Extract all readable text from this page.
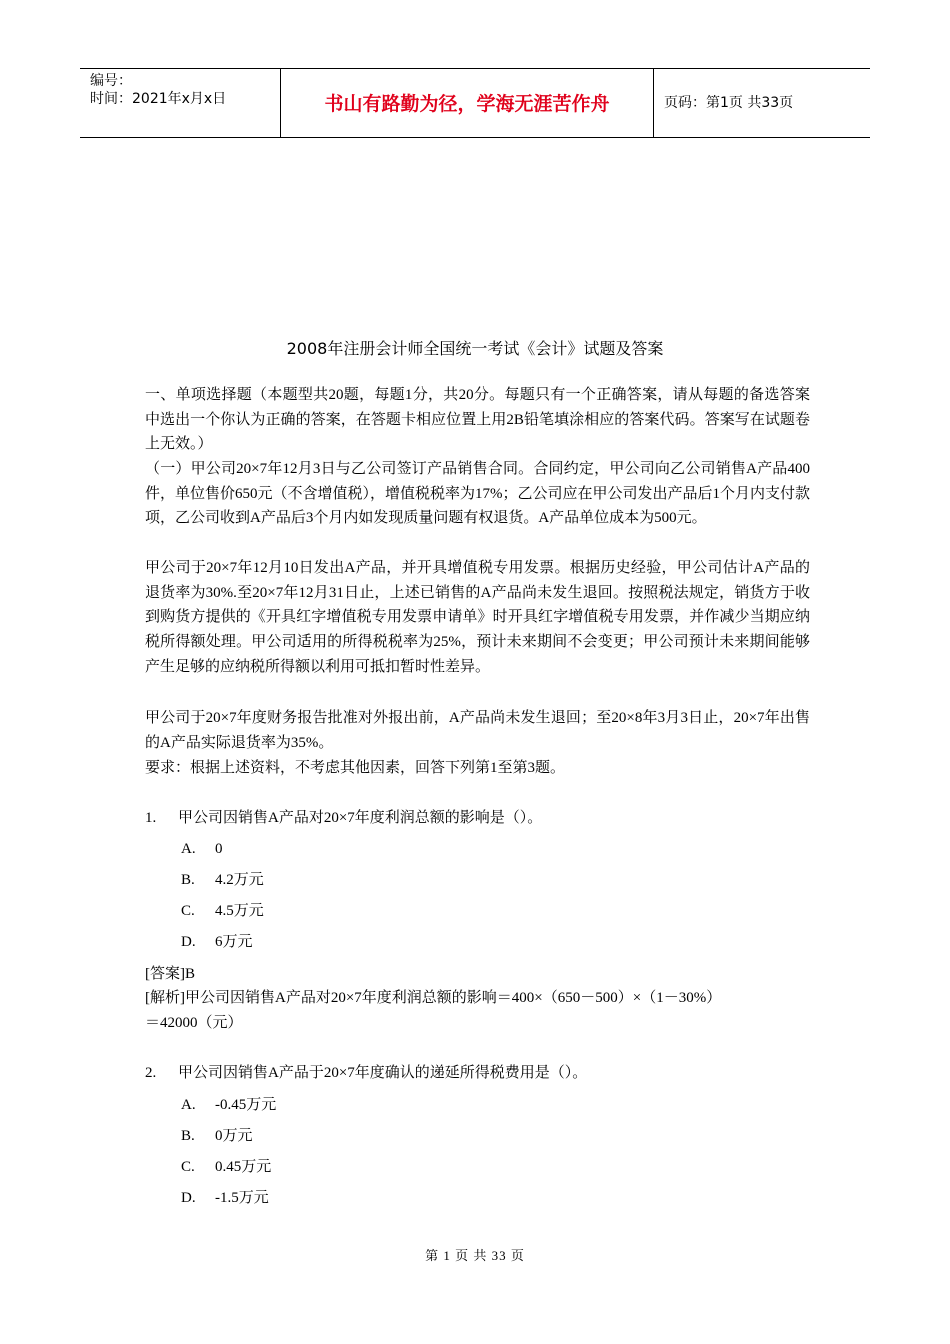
编号：
时间：2021年x月x日	书山有路勤为径，学海无涯苦作舟	页码：第1页 共33页
2008年注册会计师全国统一考试《会计》试题及答案
一、单项选择题（本题型共20题，每题1分，共20分。每题只有一个正确答案，请从每题的备选答案中选出一个你认为正确的答案，在答题卡相应位置上用2B铅笔填涂相应的答案代码。答案写在试题卷上无效。）
（一）甲公司20×7年12月3日与乙公司签订产品销售合同。合同约定，甲公司向乙公司销售A产品400件，单位售价650元（不含增值税），增值税税率为17%；乙公司应在甲公司发出产品后1个月内支付款项，乙公司收到A产品后3个月内如发现质量问题有权退货。A产品单位成本为500元。
甲公司于20×7年12月10日发出A产品，并开具增值税专用发票。根据历史经验，甲公司估计A产品的退货率为30%.至20×7年12月31日止，上述已销售的A产品尚未发生退回。按照税法规定，销货方于收到购货方提供的《开具红字增值税专用发票申请单》时开具红字增值税专用发票，并作减少当期应纳税所得额处理。甲公司适用的所得税税率为25%，预计未来期间不会变更；甲公司预计未来期间能够产生足够的应纳税所得额以利用可抵扣暂时性差异。
甲公司于20×7年度财务报告批准对外报出前，A产品尚未发生退回；至20×8年3月3日止，20×7年出售的A产品实际退货率为35%。
要求：根据上述资料，不考虑其他因素，回答下列第1至第3题。
1. 甲公司因销售A产品对20×7年度利润总额的影响是（）。
A. 0
B. 4.2万元
C. 4.5万元
D. 6万元
[答案]B
[解析]甲公司因销售A产品对20×7年度利润总额的影响＝400×（650－500）×（1－30%）
＝42000（元）
2. 甲公司因销售A产品于20×7年度确认的递延所得税费用是（）。
A. -0.45万元
B. 0万元
C. 0.45万元
D. -1.5万元
第 1 页 共 33 页
